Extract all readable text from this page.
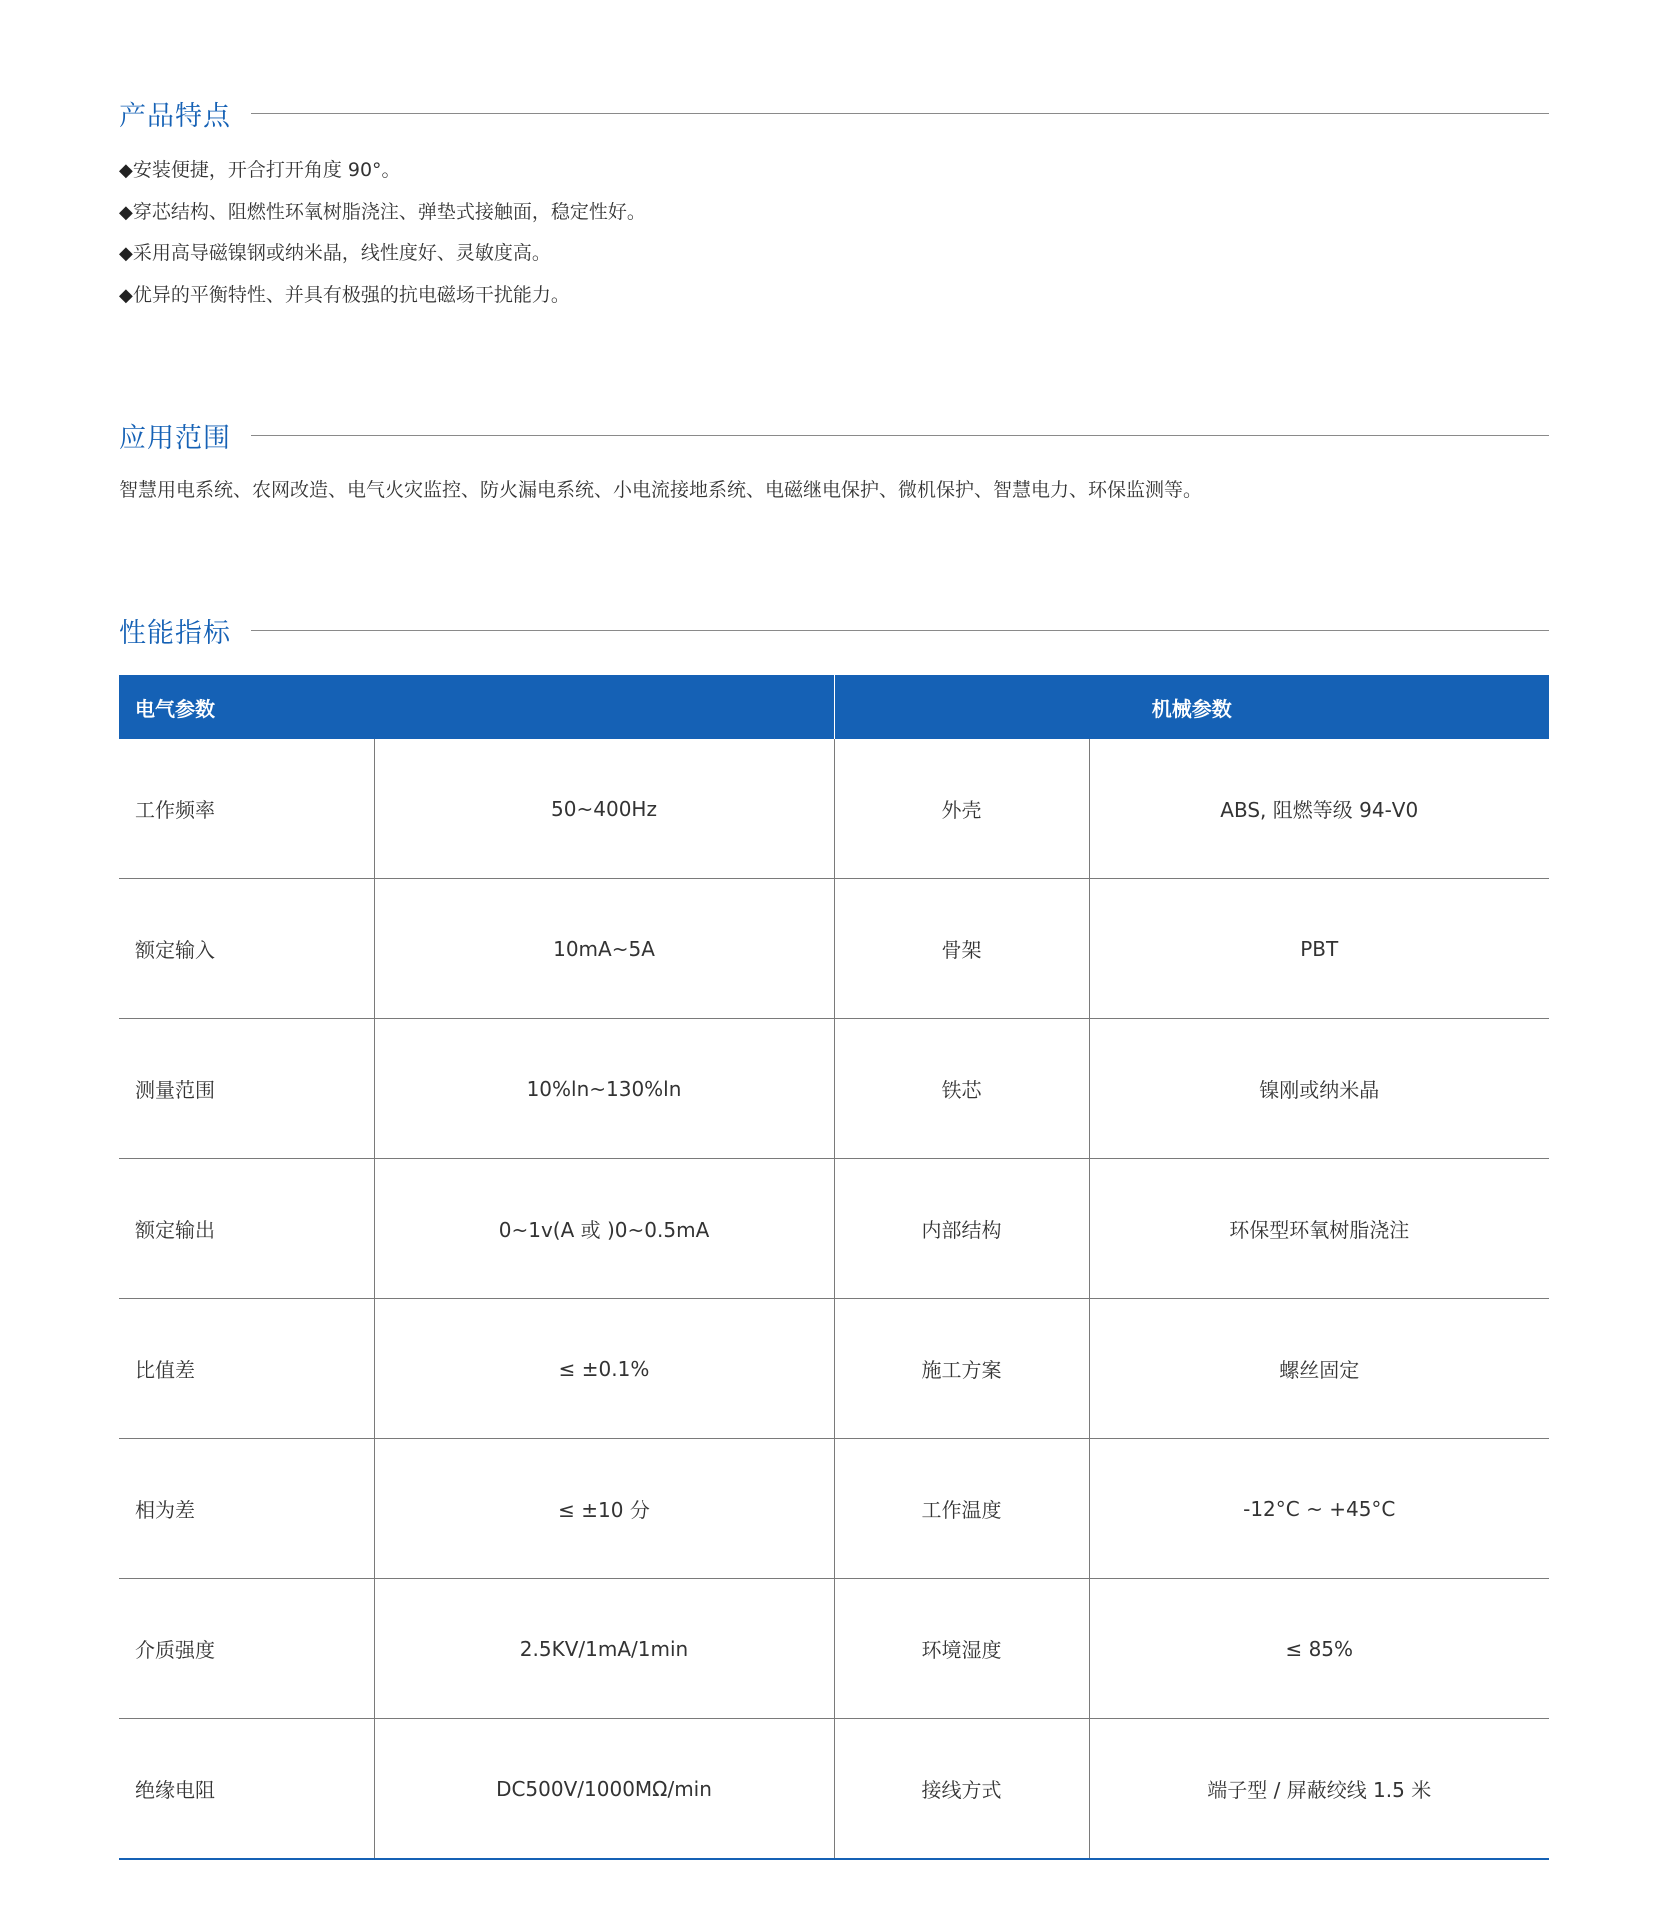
产品特点
◆安装便捷，开合打开角度 90°。
◆穿芯结构、阻燃性环氧树脂浇注、弹垫式接触面，稳定性好。
◆采用高导磁镍钢或纳米晶，线性度好、灵敏度高。
◆优异的平衡特性、并具有极强的抗电磁场干扰能力。
应用范围
智慧用电系统、农网改造、电气火灾监控、防火漏电系统、小电流接地系统、电磁继电保护、微机保护、智慧电力、环保监测等。
性能指标
电气参数		机械参数	
工作频率	50~400Hz	外壳	ABS, 阻燃等级 94-V0
额定输入	10mA~5A	骨架	PBT
测量范围	10%ln~130%ln	铁芯	镍刚或纳米晶
额定输出	0~1v(A 或 )0~0.5mA	内部结构	环保型环氧树脂浇注
比值差	≤ ±0.1%	施工方案	螺丝固定
相为差	≤ ±10 分	工作温度	-12°C ~ +45°C
介质强度	2.5KV/1mA/1min	环境湿度	≤ 85%
绝缘电阻	DC500V/1000MΩ/min	接线方式	端子型 / 屏蔽绞线 1.5 米
